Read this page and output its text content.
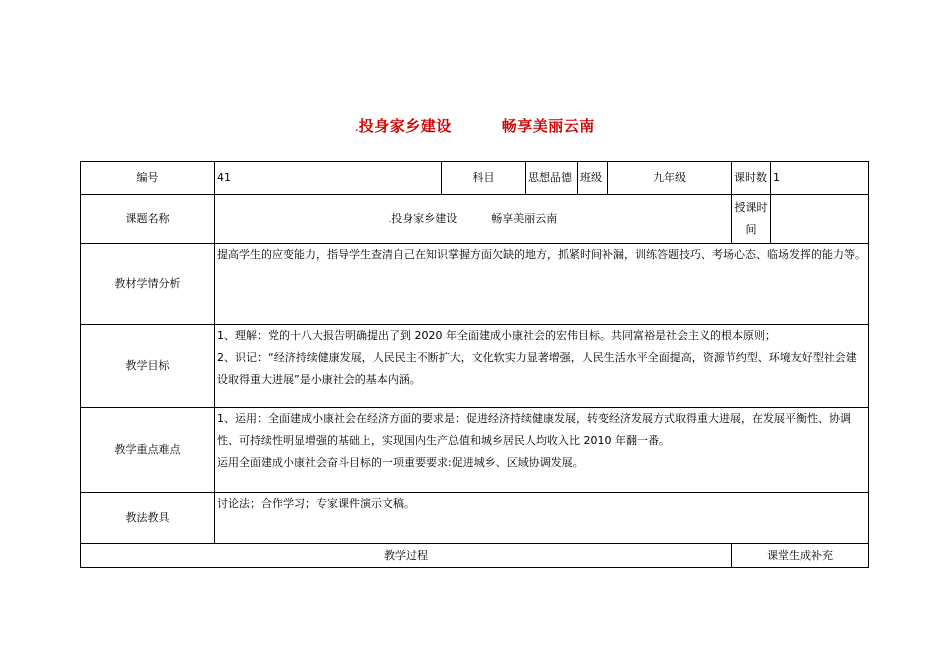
.投身家乡建设	畅享美丽云南
编号	41	科目	思想品德	班级	九年级	课时数	1
课题名称	.投身家乡建设 畅享美丽云南					授课时
间	

教材学情分析	提高学生的应变能力，指导学生查清自己在知识掌握方面欠缺的地方，抓紧时间补漏，训练答题技巧、考场心态、临场发挥的能力等。						
教学目标	1、理解：党的十八大报告明确提出了到 2020 年全面建成小康社会的宏伟目标。共同富裕是社会主义的根本原则；
2、识记：“经济持续健康发展，人民民主不断扩大，文化软实力显著增强，人民生活水平全面提高，资源节约型、环境友好型社会建设取得重大进展”是小康社会的基本内涵。						

教学重点难点	1、运用：全面建成小康社会在经济方面的要求是：促进经济持续健康发展，转变经济发展方式取得重大进展，在发展平衡性、协调性、可持续性明显增强的基础上，实现国内生产总值和城乡居民人均收入比 2010 年翻一番。
运用全面建成小康社会奋斗目标的一项重要要求:促进城乡、区域协调发展。						

教法教具	讨论法；合作学习；专家课件演示文稿。						
教学过程						课堂生成补充	
